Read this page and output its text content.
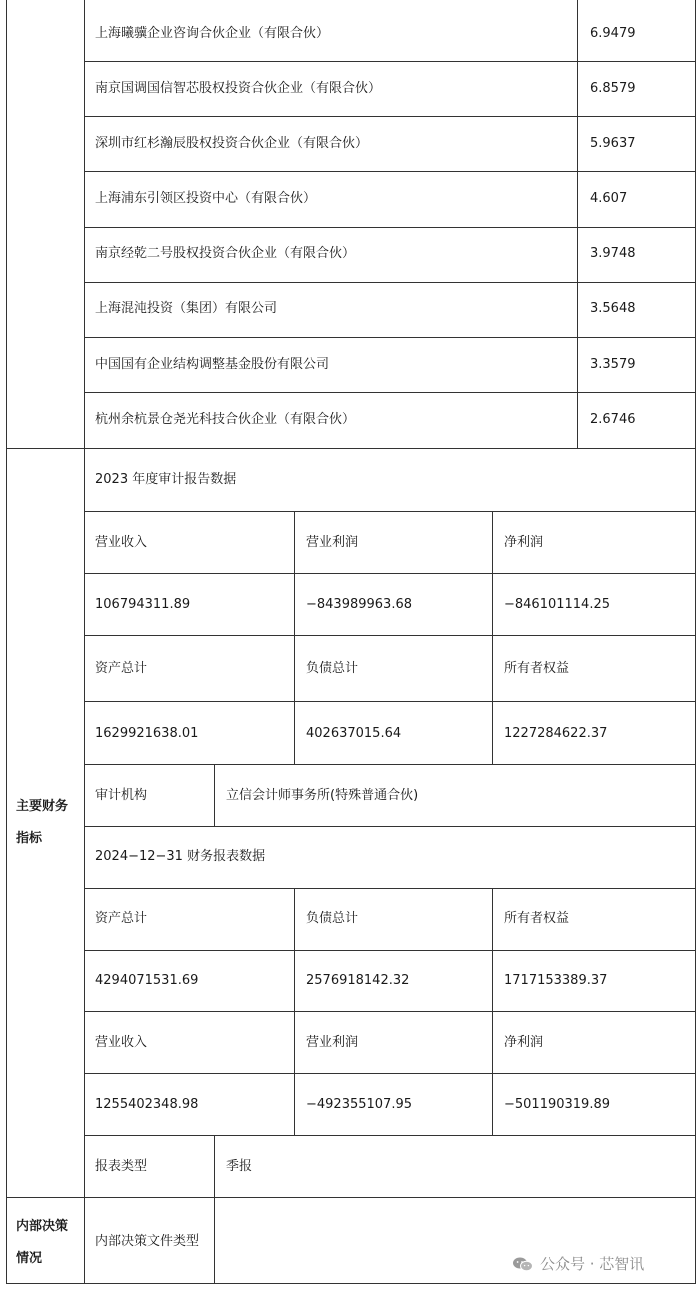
上海曦骥企业咨询合伙企业（有限合伙）	6.9479
南京国调国信智芯股权投资合伙企业（有限合伙）	6.8579
深圳市红杉瀚辰股权投资合伙企业（有限合伙）	5.9637
上海浦东引领区投资中心（有限合伙）	4.607
南京经乾二号股权投资合伙企业（有限合伙）	3.9748
上海混沌投资（集团）有限公司	3.5648
中国国有企业结构调整基金股份有限公司	3.3579
杭州余杭景仓尧光科技合伙企业（有限合伙）	2.6746
主要财务
指标
2023 年度审计报告数据
营业收入	营业利润	净利润
106794311.89	−843989963.68	−846101114.25
资产总计	负债总计	所有者权益
1629921638.01	402637015.64	1227284622.37
审计机构	立信会计师事务所(特殊普通合伙)
2024−12−31 财务报表数据
资产总计	负债总计	所有者权益
4294071531.69	2576918142.32	1717153389.37
营业收入	营业利润	净利润
1255402348.98	−492355107.95	−501190319.89
报表类型	季报
内部决策
情况
内部决策文件类型
公众号 · 芯智讯
